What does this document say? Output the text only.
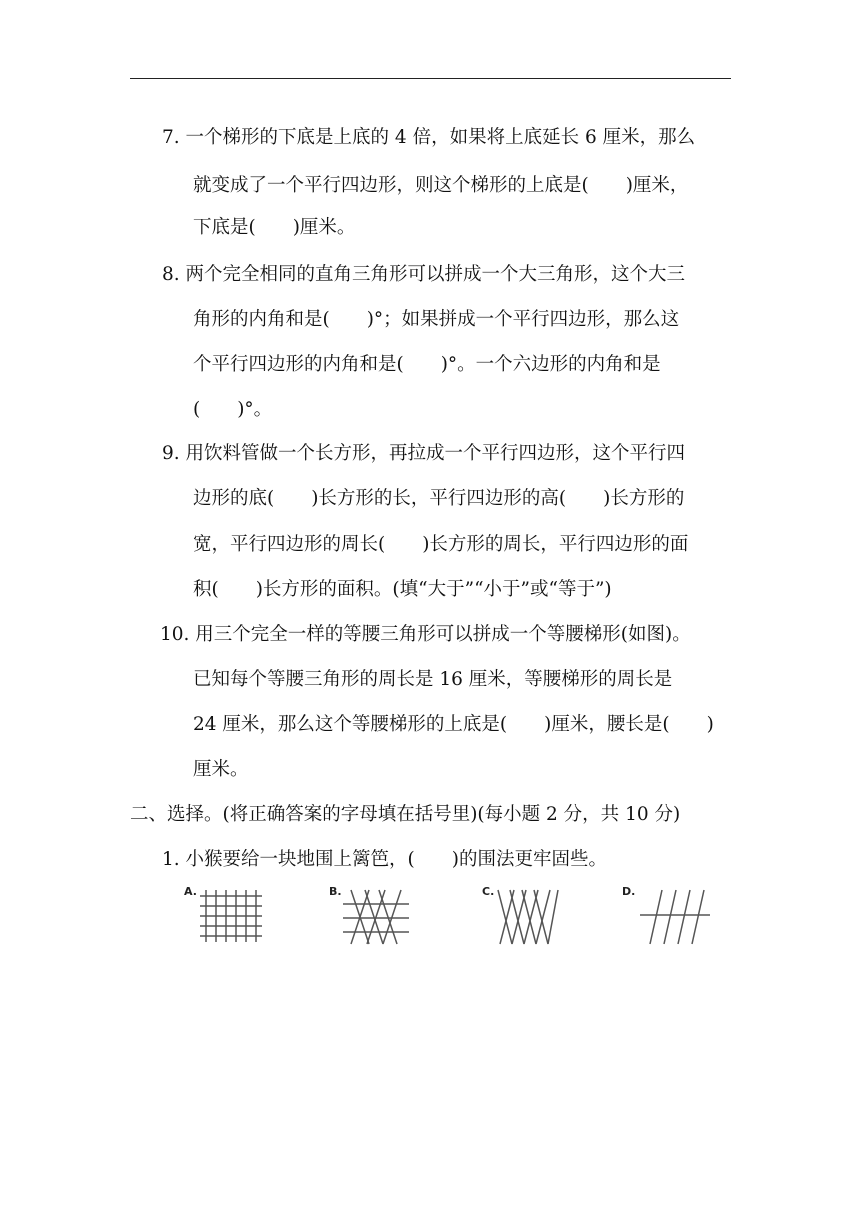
7. 一个梯形的下底是上底的 4 倍，如果将上底延长 6 厘米，那么
就变成了一个平行四边形，则这个梯形的上底是(　　)厘米，
下底是(　　)厘米。
8. 两个完全相同的直角三角形可以拼成一个大三角形，这个大三
角形的内角和是(　　)°；如果拼成一个平行四边形，那么这
个平行四边形的内角和是(　　)°。一个六边形的内角和是
(　　)°。
9. 用饮料管做一个长方形，再拉成一个平行四边形，这个平行四
边形的底(　　)长方形的长，平行四边形的高(　　)长方形的
宽，平行四边形的周长(　　)长方形的周长，平行四边形的面
积(　　)长方形的面积。(填“大于”“小于”或“等于”)
10. 用三个完全一样的等腰三角形可以拼成一个等腰梯形(如图)。
已知每个等腰三角形的周长是 16 厘米，等腰梯形的周长是
24 厘米，那么这个等腰梯形的上底是(　　)厘米，腰长是(　　)
厘米。
二、选择。(将正确答案的字母填在括号里)(每小题 2 分，共 10 分)
1. 小猴要给一块地围上篱笆，(　　)的围法更牢固些。
A.	B.	C.	D.
